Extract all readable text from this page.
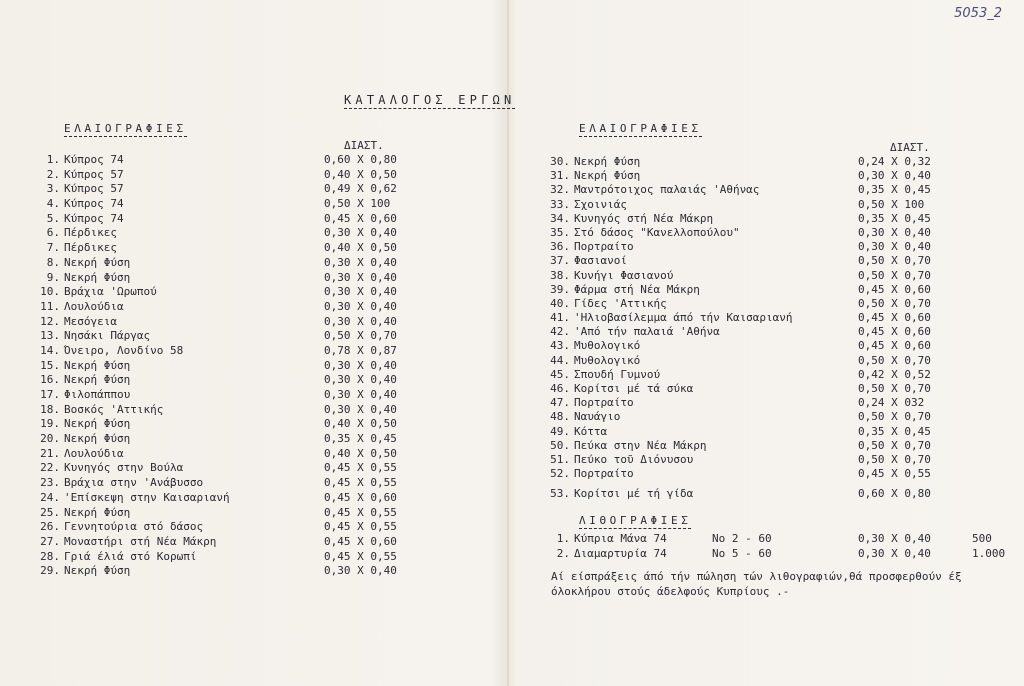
5053_2
ΚΑΤΑΛΟΓΟΣ ΕΡΓΩΝ
ΕΛΑΙΟΓΡΑΦΙΕΣ
ΔΙΑΣΤ.
1. Κύπρος 74	0,60 Χ 0,80
2. Κύπρος 57	0,40 Χ 0,50
3. Κύπρος 57	0,49 Χ 0,62
4. Κύπρος 74	0,50 Χ 100
5. Κύπρος 74	0,45 Χ 0,60
6. Πέρδικες	0,30 Χ 0,40
7. Πέρδικες	0,40 Χ 0,50
8. Νεκρή Φύση	0,30 Χ 0,40
9. Νεκρή Φύση	0,30 Χ 0,40
10. Βράχια 'Ωρωπού	0,30 Χ 0,40
11. Λουλούδια	0,30 Χ 0,40
12. Μεσόγεια	0,30 Χ 0,40
13. Νησάκι Πάργας	0,50 Χ 0,70
14. Όνειρο, Λονδίνο 58	0,78 Χ 0,87
15. Νεκρή Φύση	0,30 Χ 0,40
16. Νεκρή Φύση	0,30 Χ 0,40
17. Φιλοπάππου	0,30 Χ 0,40
18. Βοσκός 'Αττικής	0,30 Χ 0,40
19. Νεκρή Φύση	0,40 Χ 0,50
20. Νεκρή Φύση	0,35 Χ 0,45
21. Λουλούδια	0,40 Χ 0,50
22. Κυνηγός στην Βούλα	0,45 Χ 0,55
23. Βράχια στην 'Ανάβυσσο	0,45 Χ 0,55
24. 'Επίσκεψη στην Καισαριανή	0,45 Χ 0,60
25. Νεκρή Φύση	0,45 Χ 0,55
26. Γεννητούρια στό δάσος	0,45 Χ 0,55
27. Μοναστήρι στή Νέα Μάκρη	0,45 Χ 0,60
28. Γριά έλιά στό Κορωπί	0,45 Χ 0,55
29. Νεκρή Φύση	0,30 Χ 0,40
ΕΛΑΙΟΓΡΑΦΙΕΣ
ΔΙΑΣΤ.
30. Νεκρή Φύση	0,24 Χ 0,32
31. Νεκρή Φύση	0,30 Χ 0,40
32. Μαντρότοιχος παλαιάς 'Αθήνας	0,35 Χ 0,45
33. Σχοινιάς	0,50 Χ 100
34. Κυνηγός στή Νέα Μάκρη	0,35 Χ 0,45
35. Στό δάσος "Κανελλοπούλου"	0,30 Χ 0,40
36. Πορτραίτο	0,30 Χ 0,40
37. Φασιανοί	0,50 Χ 0,70
38. Κυνήγι Φασιανού	0,50 Χ 0,70
39. Φάρμα στή Νέα Μάκρη	0,45 Χ 0,60
40. Γίδες 'Αττικής	0,50 Χ 0,70
41. 'Ηλιοβασίλεμμα άπό τήν Καισαριανή	0,45 Χ 0,60
42. 'Από τήν παλαιά 'Αθήνα	0,45 Χ 0,60
43. Μυθολογικό	0,45 Χ 0,60
44. Μυθολογικό	0,50 Χ 0,70
45. Σπουδή Γυμνού	0,42 Χ 0,52
46. Κορίτσι μέ τά σύκα	0,50 Χ 0,70
47. Πορτραίτο	0,24 Χ 032
48. Ναυάγιο	0,50 Χ 0,70
49. Κόττα	0,35 Χ 0,45
50. Πεύκα στην Νέα Μάκρη	0,50 Χ 0,70
51. Πεύκο τοῦ Διόνυσου	0,50 Χ 0,70
52. Πορτραίτο	0,45 Χ 0,55
53. Κορίτσι μέ τή γίδα	0,60 Χ 0,80
ΛΙΘΟΓΡΑΦΙΕΣ
1. Κύπρια Μάνα 74	Νο 2 - 60	0,30 Χ 0,40	500
2. Διαμαρτυρία 74	Νο 5 - 60	0,30 Χ 0,40	1.000
Αί είσπράξεις άπό τήν πώληση τών λιθογραφιών,θά προσφερθούν έξ
όλοκλήρου στούς άδελφούς Κυπρίους .-
